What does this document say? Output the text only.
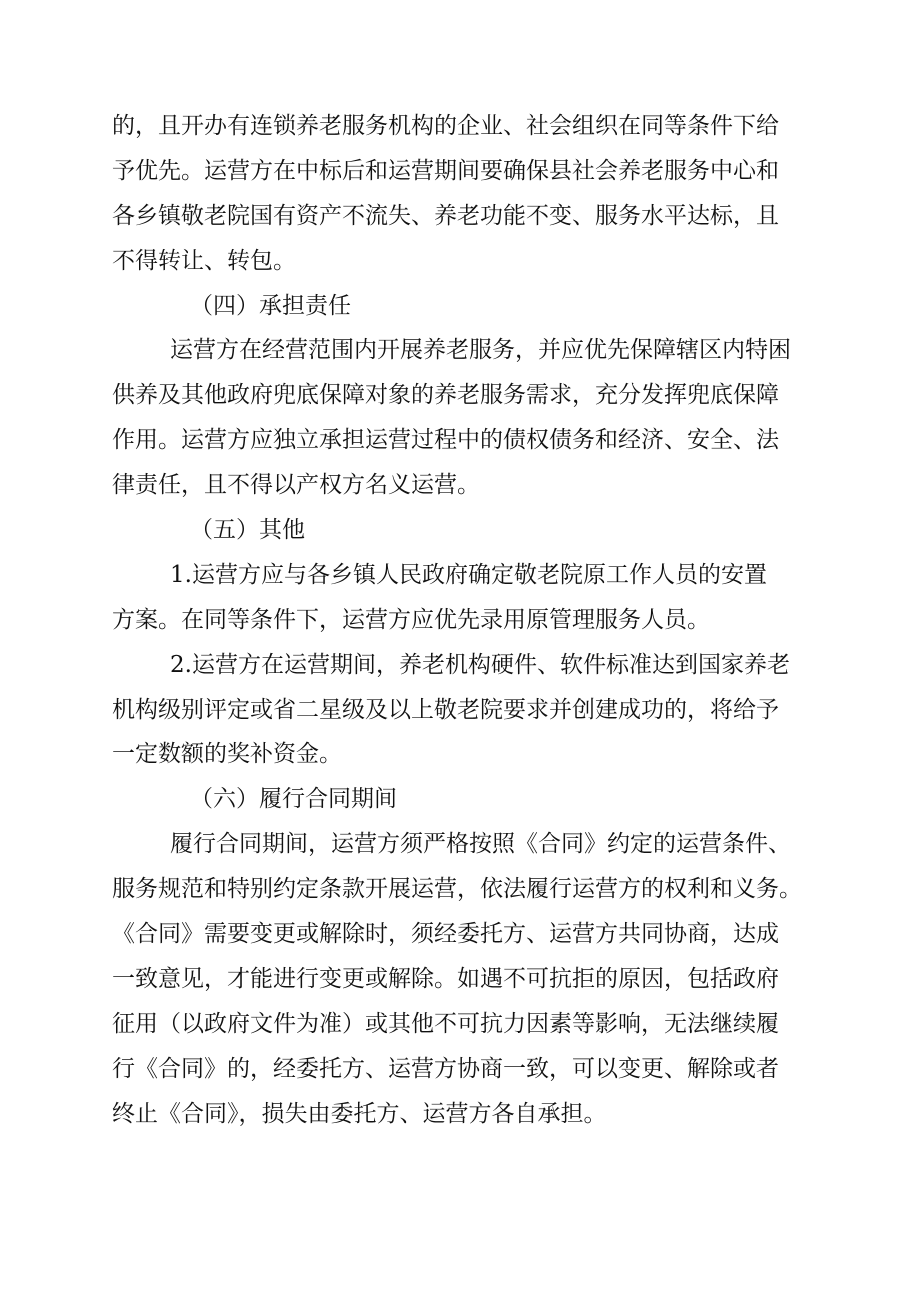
的，且开办有连锁养老服务机构的企业、社会组织在同等条件下给
予优先。运营方在中标后和运营期间要确保县社会养老服务中心和
各乡镇敬老院国有资产不流失、养老功能不变、服务水平达标，且
不得转让、转包。
（四）承担责任
运营方在经营范围内开展养老服务，并应优先保障辖区内特困
供养及其他政府兜底保障对象的养老服务需求，充分发挥兜底保障
作用。运营方应独立承担运营过程中的债权债务和经济、安全、法
律责任，且不得以产权方名义运营。
（五）其他
1.运营方应与各乡镇人民政府确定敬老院原工作人员的安置
方案。在同等条件下，运营方应优先录用原管理服务人员。
2.运营方在运营期间，养老机构硬件、软件标准达到国家养老
机构级别评定或省二星级及以上敬老院要求并创建成功的，将给予
一定数额的奖补资金。
（六）履行合同期间
履行合同期间，运营方须严格按照《合同》约定的运营条件、
服务规范和特别约定条款开展运营，依法履行运营方的权利和义务。
《合同》需要变更或解除时，须经委托方、运营方共同协商，达成
一致意见，才能进行变更或解除。如遇不可抗拒的原因，包括政府
征用（以政府文件为准）或其他不可抗力因素等影响，无法继续履
行《合同》的，经委托方、运营方协商一致，可以变更、解除或者
终止《合同》，损失由委托方、运营方各自承担。
